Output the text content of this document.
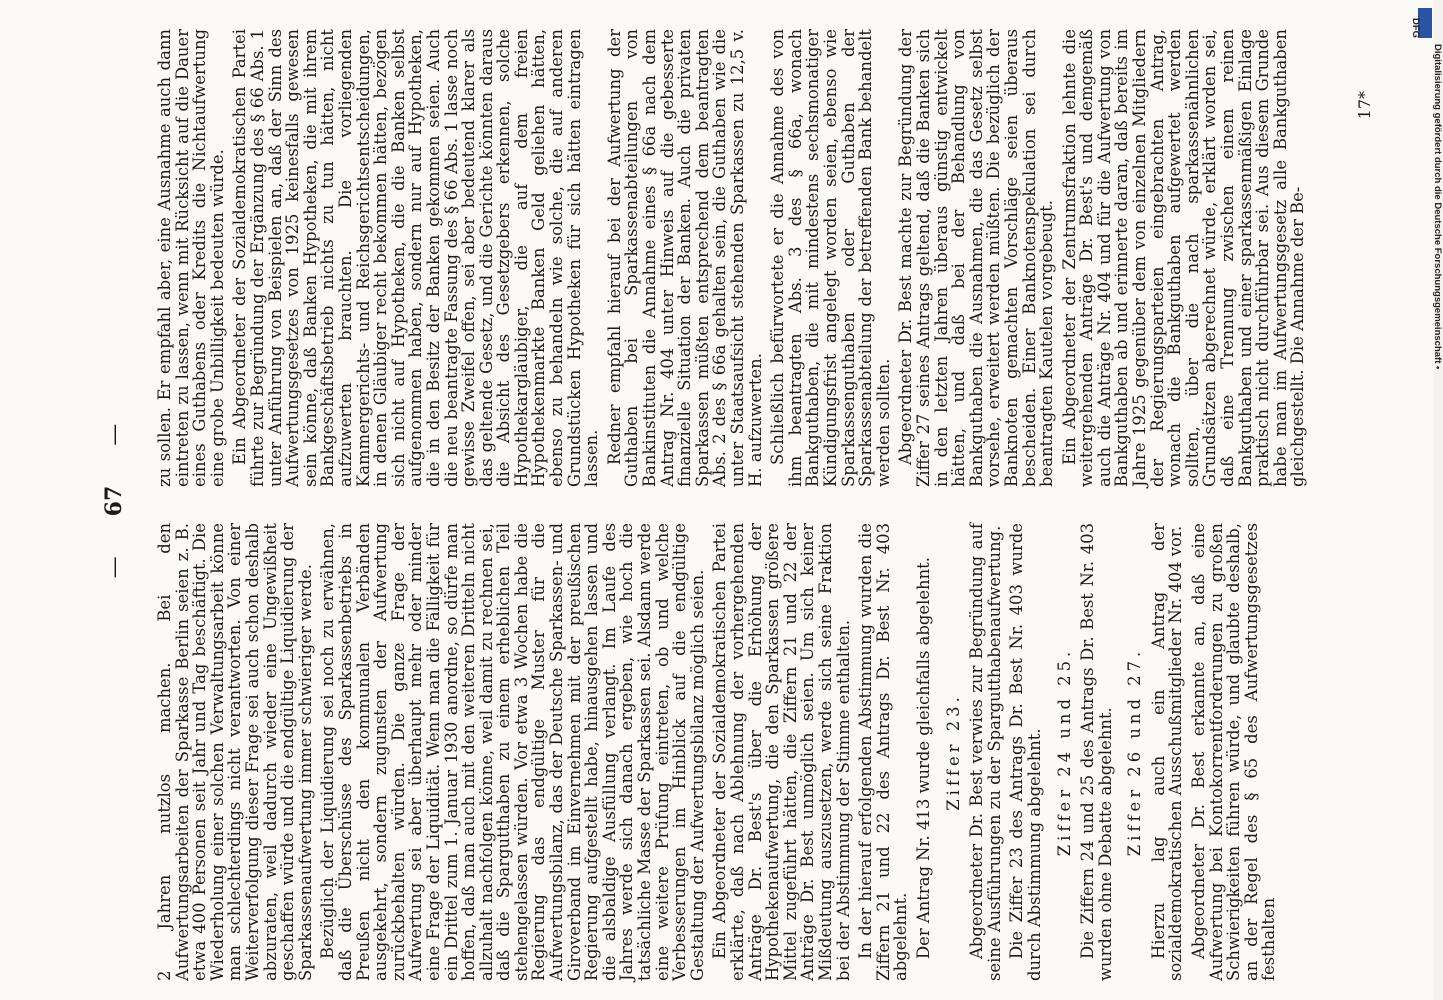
—
67
—

2 Jahren nutzlos machen. Bei den Aufwertungsarbeiten der Sparkasse Berlin seien z. B. etwa 400 Personen seit Jahr und Tag beschäftigt. Die Wiederholung einer solchen Verwaltungsarbeit könne man schlechterdings nicht verantworten. Von einer Weiterverfolgung dieser Frage sei auch schon deshalb abzuraten, weil dadurch wieder eine Ungewißheit geschaffen würde und die endgültige Liquidierung der Sparkassenaufwertung immer schwieriger werde. Bezüglich der Liquidierung sei noch zu erwähnen, daß die Überschüsse des Sparkassenbetriebs in Preußen nicht den kommunalen Verbänden ausgekehrt, sondern zugunsten der Aufwertung zurückbehalten würden. Die ganze Frage der Aufwertung sei aber überhaupt mehr oder minder eine Frage der Liquidität. Wenn man die Fälligkeit für ein Drittel zum 1. Januar 1930 anordne, so dürfe man hoffen, daß man auch mit den weiteren Dritteln nicht allzuhalt nachfolgen könne, weil damit zu rechnen sei, daß die Spargutthaben zu einem erheblichen Teil stehengelassen würden. Vor etwa 3 Wochen habe die Regierung das endgültige Muster für die Aufwertungsbilanz, das der Deutsche Sparkassen- und Giroverband im Einvernehmen mit der preußischen Regierung aufgestellt habe, hinausgehen lassen und die alsbaldige Ausfüllung verlangt. Im Laufe des Jahres werde sich danach ergeben, wie hoch die tatsächliche Masse der Sparkassen sei. Alsdann werde eine weitere Prüfung eintreten, ob und welche Verbesserungen im Hinblick auf die endgültige Gestaltung der Aufwertungsbilanz möglich seien. Ein Abgeordneter der Sozialdemokratischen Partei erklärte, daß nach Ablehnung der vorhergehenden Anträge Dr. Best's über die Erhöhung der Hypothekenaufwertung, die den Sparkassen größere Mittel zugeführt hätten, die Ziffern 21 und 22 der Anträge Dr. Best unmöglich seien. Um sich keiner Mißdeutung auszusetzen, werde sich seine Fraktion bei der Abstimmung der Stimme enthalten. In der hierauf erfolgenden Abstimmung wurden die Ziffern 21 und 22 des Antrags Dr. Best Nr. 403 abgelehnt. Der Antrag Nr. 413 wurde gleichfalls abgelehnt. Ziffer 23. Abgeordneter Dr. Best verwies zur Begründung auf seine Ausführungen zu der Spargutthabenaufwertung. Die Ziffer 23 des Antrags Dr. Best Nr. 403 wurde durch Abstimmung abgelehnt. Ziffer 24 und 25. Die Ziffern 24 und 25 des Antrags Dr. Best Nr. 403 wurden ohne Debatte abgelehnt. Ziffer 26 und 27. Hierzu lag auch ein Antrag der sozialdemokratischen Ausschußmitglieder Nr. 404 vor. Abgeordneter Dr. Best erkannte an, daß eine Aufwertung bei Kontokorrentforderungen zu großen Schwierigkeiten führen würde, und glaubte deshalb, an der Regel des § 65 des Aufwertungsgesetzes festhalten

zu sollen. Er empfahl aber, eine Ausnahme auch dann eintreten zu lassen, wenn mit Rücksicht auf die Dauer eines Guthabens oder Kredits die Nichtaufwertung eine grobe Unbilligkeit bedeuten würde. Ein Abgeordneter der Sozialdemokratischen Partei führte zur Begründung der Ergänzung des § 66 Abs. 1 unter Anführung von Beispielen an, daß der Sinn des Aufwertungsgesetzes von 1925 keinesfalls gewesen sein könne, daß Banken Hypotheken, die mit ihrem Bankgeschäftsbetrieb nichts zu tun hätten, nicht aufzuwerten brauchten. Die vorliegenden Kammergerichts- und Reichsgerichtsentscheidungen, in denen Gläubiger recht bekommen hätten, bezögen sich nicht auf Hypotheken, die die Banken selbst aufgenommen haben, sondern nur auf Hypotheken, die in den Besitz der Banken gekommen seien. Auch die neu beantragte Fassung des § 66 Abs. 1 lasse noch gewisse Zweifel offen, sei aber bedeutend klarer als das geltende Gesetz, und die Gerichte könnten daraus die Absicht des Gesetzgebers erkennen, solche Hypothekargläubiger, die auf dem freien Hypothekenmarkte Banken Geld geliehen hätten, ebenso zu behandeln wie solche, die auf anderen Grundstücken Hypotheken für sich hätten eintragen lassen. Redner empfahl hierauf bei der Aufwertung der Guthaben bei Sparkassenabteilungen von Bankinstituten die Annahme eines § 66a nach dem Antrag Nr. 404 unter Hinweis auf die gebesserte finanzielle Situation der Banken. Auch die privaten Sparkassen müßten entsprechend dem beantragten Abs. 2 des § 66a gehalten sein, die Guthaben wie die unter Staatsaufsicht stehenden Sparkassen zu 12,5 v. H. aufzuwerten. Schließlich befürwortete er die Annahme des von ihm beantragten Abs. 3 des § 66a, wonach Bankguthaben, die mit mindestens sechsmonatiger Kündigungsfrist angelegt worden seien, ebenso wie Sparkassenguthaben oder Guthaben der Sparkassenabteilung der betreffenden Bank behandelt werden sollten. Abgeordneter Dr. Best machte zur Begründung der Ziffer 27 seines Antrags geltend, daß die Banken sich in den letzten Jahren überaus günstig entwickelt hätten, und daß bei der Behandlung von Bankguthaben die Ausnahmen, die das Gesetz selbst vorsehe, erweitert werden müßten. Die bezüglich der Banknoten gemachten Vorschläge seien überaus bescheiden. Einer Banknotenspekulation sei durch beantragten Kautelen vorgebeugt. Ein Abgeordneter der Zentrumsfraktion lehnte die weitergehenden Anträge Dr. Best's und demgemäß auch die Anträge Nr. 404 und für die Aufwertung von Bankguthaben ab und erinnerte daran, daß bereits im Jahre 1925 gegenüber dem von einzelnen Mitgliedern der Regierungsparteien eingebrachten Antrag, wonach die Bankguthaben aufgewertet werden sollten, über die nach sparkassenähnlichen Grundsätzen abgerechnet würde, erklärt worden sei, daß eine Trennung zwischen einem reinen Bankguthaben und einer sparkassenmäßigen Einlage praktisch nicht durchführbar sei. Aus diesem Grunde habe man im Aufwertungsgesetz alle Bankguthaben gleichgestellt. Die Annahme der Be-

17*
DFG
Digitalisierung gefördert durch die Deutsche Forschungsgemeinschaft •
